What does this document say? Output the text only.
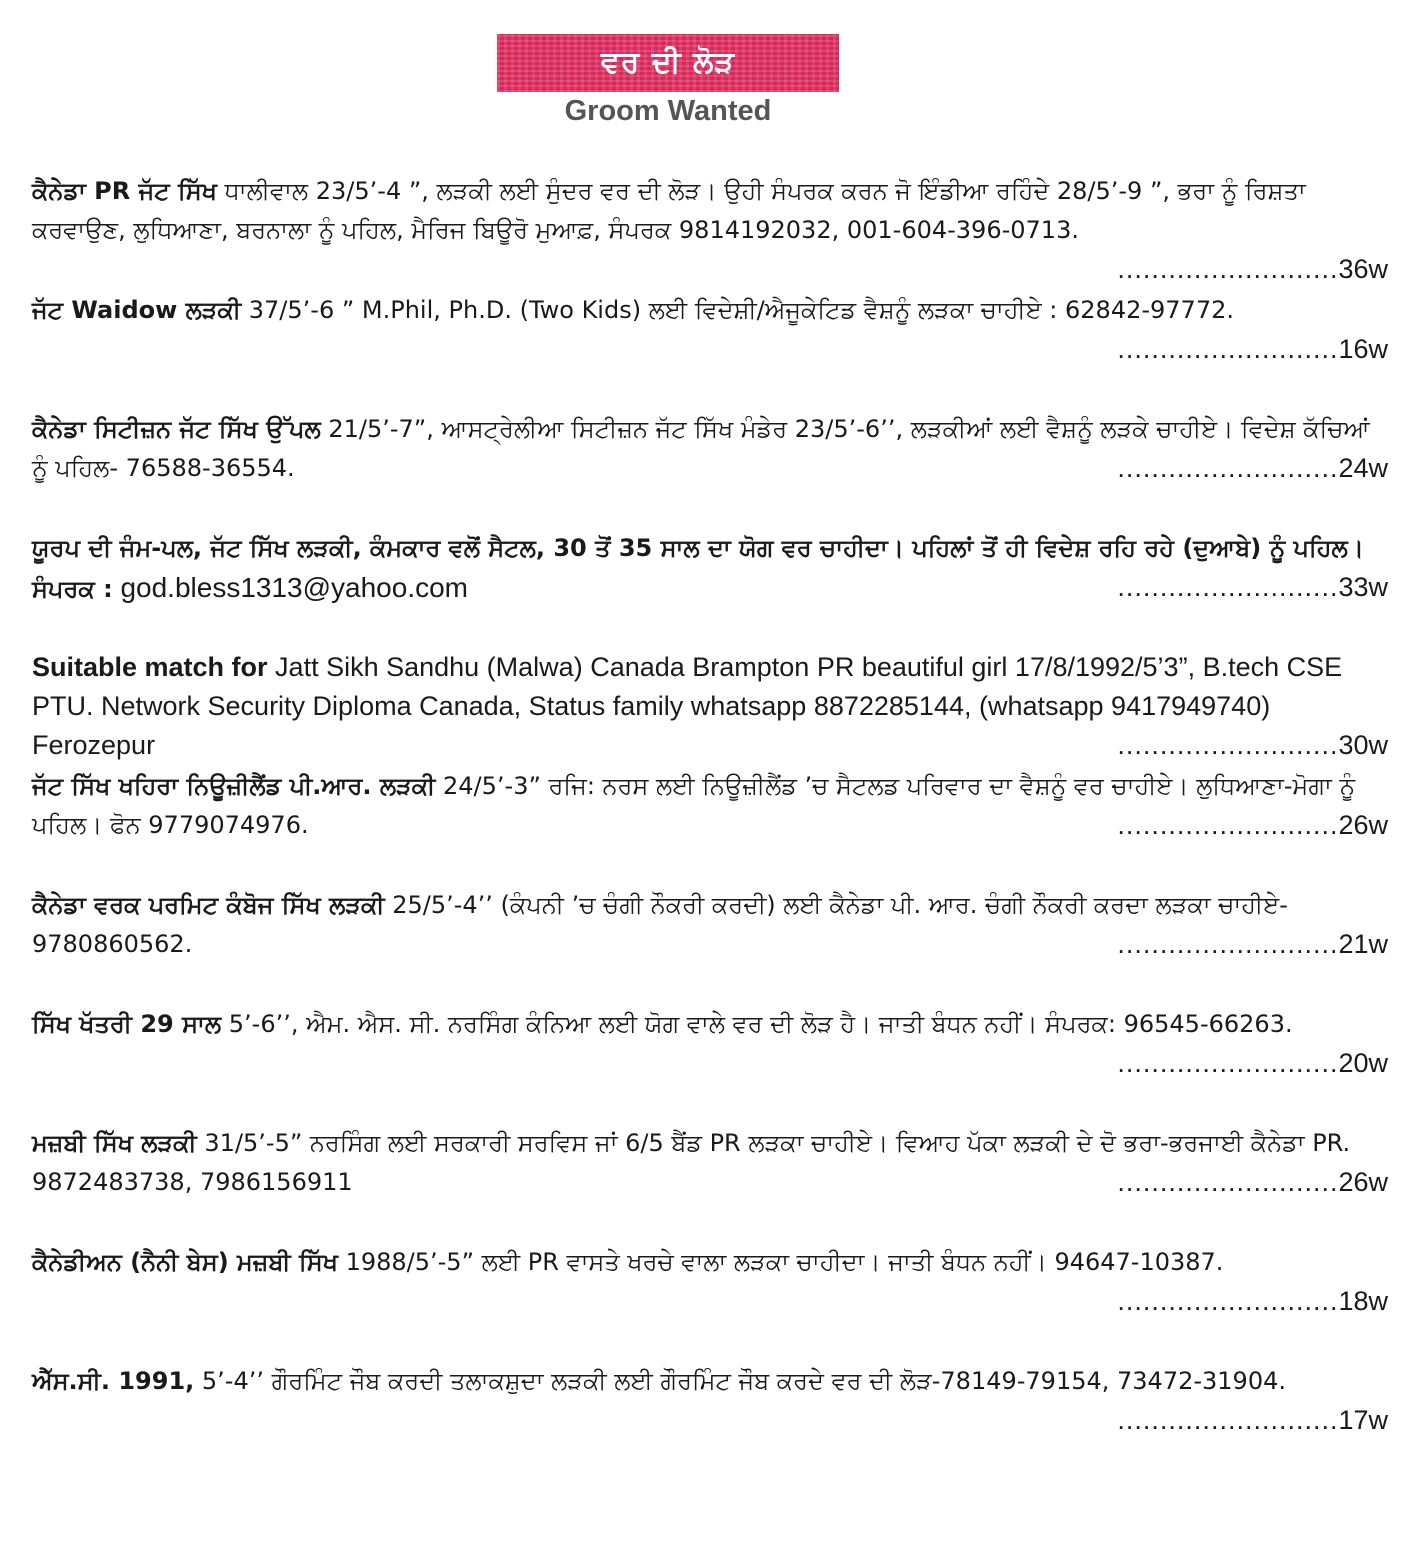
ਵਰ ਦੀ ਲੋੜ
Groom Wanted
ਕੈਨੇਡਾ PR ਜੱਟ ਸਿੱਖ ਧਾਲੀਵਾਲ 23/5’-4 ”, ਲੜਕੀ ਲਈ ਸੁੰਦਰ ਵਰ ਦੀ ਲੋੜ। ਉਹੀ ਸੰਪਰਕ ਕਰਨ ਜੋ ਇੰਡੀਆ ਰਹਿੰਦੇ 28/5’-9 ”, ਭਰਾ ਨੂੰ ਰਿਸ਼ਤਾ ਕਰਵਾਉਣ, ਲੁਧਿਆਣਾ, ਬਰਨਾਲਾ ਨੂੰ ਪਹਿਲ, ਮੈਰਿਜ ਬਿਊਰੋ ਮੁਆਫ਼, ਸੰਪਰਕ 9814192032, 001-604-396-0713.
..........................36w
ਜੱਟ Waidow ਲੜਕੀ 37/5’-6 ” M.Phil, Ph.D. (Two Kids) ਲਈ ਵਿਦੇਸ਼ੀ/ਐਜੂਕੇਟਿਡ ਵੈਸ਼ਨੂੰ ਲੜਕਾ ਚਾਹੀਏ : 62842-97772.
..........................16w
ਕੈਨੇਡਾ ਸਿਟੀਜ਼ਨ ਜੱਟ ਸਿੱਖ ਉੱਪਲ 21/5’-7”, ਆਸਟ੍ਰੇਲੀਆ ਸਿਟੀਜ਼ਨ ਜੱਟ ਸਿੱਖ ਮੰਡੇਰ 23/5’-6’’, ਲੜਕੀਆਂ ਲਈ ਵੈਸ਼ਨੂੰ ਲੜਕੇ ਚਾਹੀਏ। ਵਿਦੇਸ਼ ਕੱਚਿਆਂ ਨੂੰ ਪਹਿਲ- 76588-36554.	..........................24w
ਯੂਰਪ ਦੀ ਜੰਮ-ਪਲ, ਜੱਟ ਸਿੱਖ ਲੜਕੀ, ਕੰਮਕਾਰ ਵਲੋਂ ਸੈਟਲ, 30 ਤੋਂ 35 ਸਾਲ ਦਾ ਯੋਗ ਵਰ ਚਾਹੀਦਾ। ਪਹਿਲਾਂ ਤੋਂ ਹੀ ਵਿਦੇਸ਼ ਰਹਿ ਰਹੇ (ਦੁਆਬੇ) ਨੂੰ ਪਹਿਲ। ਸੰਪਰਕ : god.bless1313@yahoo.com	..........................33w
Suitable match for Jatt Sikh Sandhu (Malwa) Canada Brampton PR beautiful girl 17/8/1992/5’3”, B.tech CSE PTU. Network Security Diploma Canada, Status family whatsapp 8872285144, (whatsapp 9417949740) Ferozepur	..........................30w
ਜੱਟ ਸਿੱਖ ਖਹਿਰਾ ਨਿਊਜ਼ੀਲੈਂਡ ਪੀ.ਆਰ. ਲੜਕੀ 24/5’-3” ਰਜਿ: ਨਰਸ ਲਈ ਨਿਊਜ਼ੀਲੈਂਡ ’ਚ ਸੈਟਲਡ ਪਰਿਵਾਰ ਦਾ ਵੈਸ਼ਨੂੰ ਵਰ ਚਾਹੀਏ। ਲੁਧਿਆਣਾ-ਮੋਗਾ ਨੂੰ ਪਹਿਲ। ਫੋਨ 9779074976.	..........................26w
ਕੈਨੇਡਾ ਵਰਕ ਪਰਮਿਟ ਕੰਬੋਜ ਸਿੱਖ ਲੜਕੀ 25/5’-4’’ (ਕੰਪਨੀ ’ਚ ਚੰਗੀ ਨੌਕਰੀ ਕਰਦੀ) ਲਈ ਕੈਨੇਡਾ ਪੀ. ਆਰ. ਚੰਗੀ ਨੌਕਰੀ ਕਰਦਾ ਲੜਕਾ ਚਾਹੀਏ- 9780860562.	..........................21w
ਸਿੱਖ ਖੱਤਰੀ 29 ਸਾਲ 5’-6’’, ਐਮ. ਐਸ. ਸੀ. ਨਰਸਿੰਗ ਕੰਨਿਆ ਲਈ ਯੋਗ ਵਾਲੇ ਵਰ ਦੀ ਲੋੜ ਹੈ। ਜਾਤੀ ਬੰਧਨ ਨਹੀਂ। ਸੰਪਰਕ: 96545-66263.
..........................20w
ਮਜ਼ਬੀ ਸਿੱਖ ਲੜਕੀ 31/5’-5” ਨਰਸਿੰਗ ਲਈ ਸਰਕਾਰੀ ਸਰਵਿਸ ਜਾਂ 6/5 ਬੈਂਡ PR ਲੜਕਾ ਚਾਹੀਏ। ਵਿਆਹ ਪੱਕਾ ਲੜਕੀ ਦੇ ਦੋ ਭਰਾ-ਭਰਜਾਈ ਕੈਨੇਡਾ PR. 9872483738, 7986156911	..........................26w
ਕੈਨੇਡੀਅਨ (ਨੈਨੀ ਬੇਸ) ਮਜ਼ਬੀ ਸਿੱਖ 1988/5’-5” ਲਈ PR ਵਾਸਤੇ ਖਰਚੇ ਵਾਲਾ ਲੜਕਾ ਚਾਹੀਦਾ। ਜਾਤੀ ਬੰਧਨ ਨਹੀਂ। 94647-10387.
..........................18w
ਐੱਸ.ਸੀ. 1991, 5’-4’’ ਗੌਰਮਿੰਟ ਜੌਬ ਕਰਦੀ ਤਲਾਕਸ਼ੁਦਾ ਲੜਕੀ ਲਈ ਗੌਰਮਿੰਟ ਜੌਬ ਕਰਦੇ ਵਰ ਦੀ ਲੋੜ-78149-79154, 73472-31904.
..........................17w
